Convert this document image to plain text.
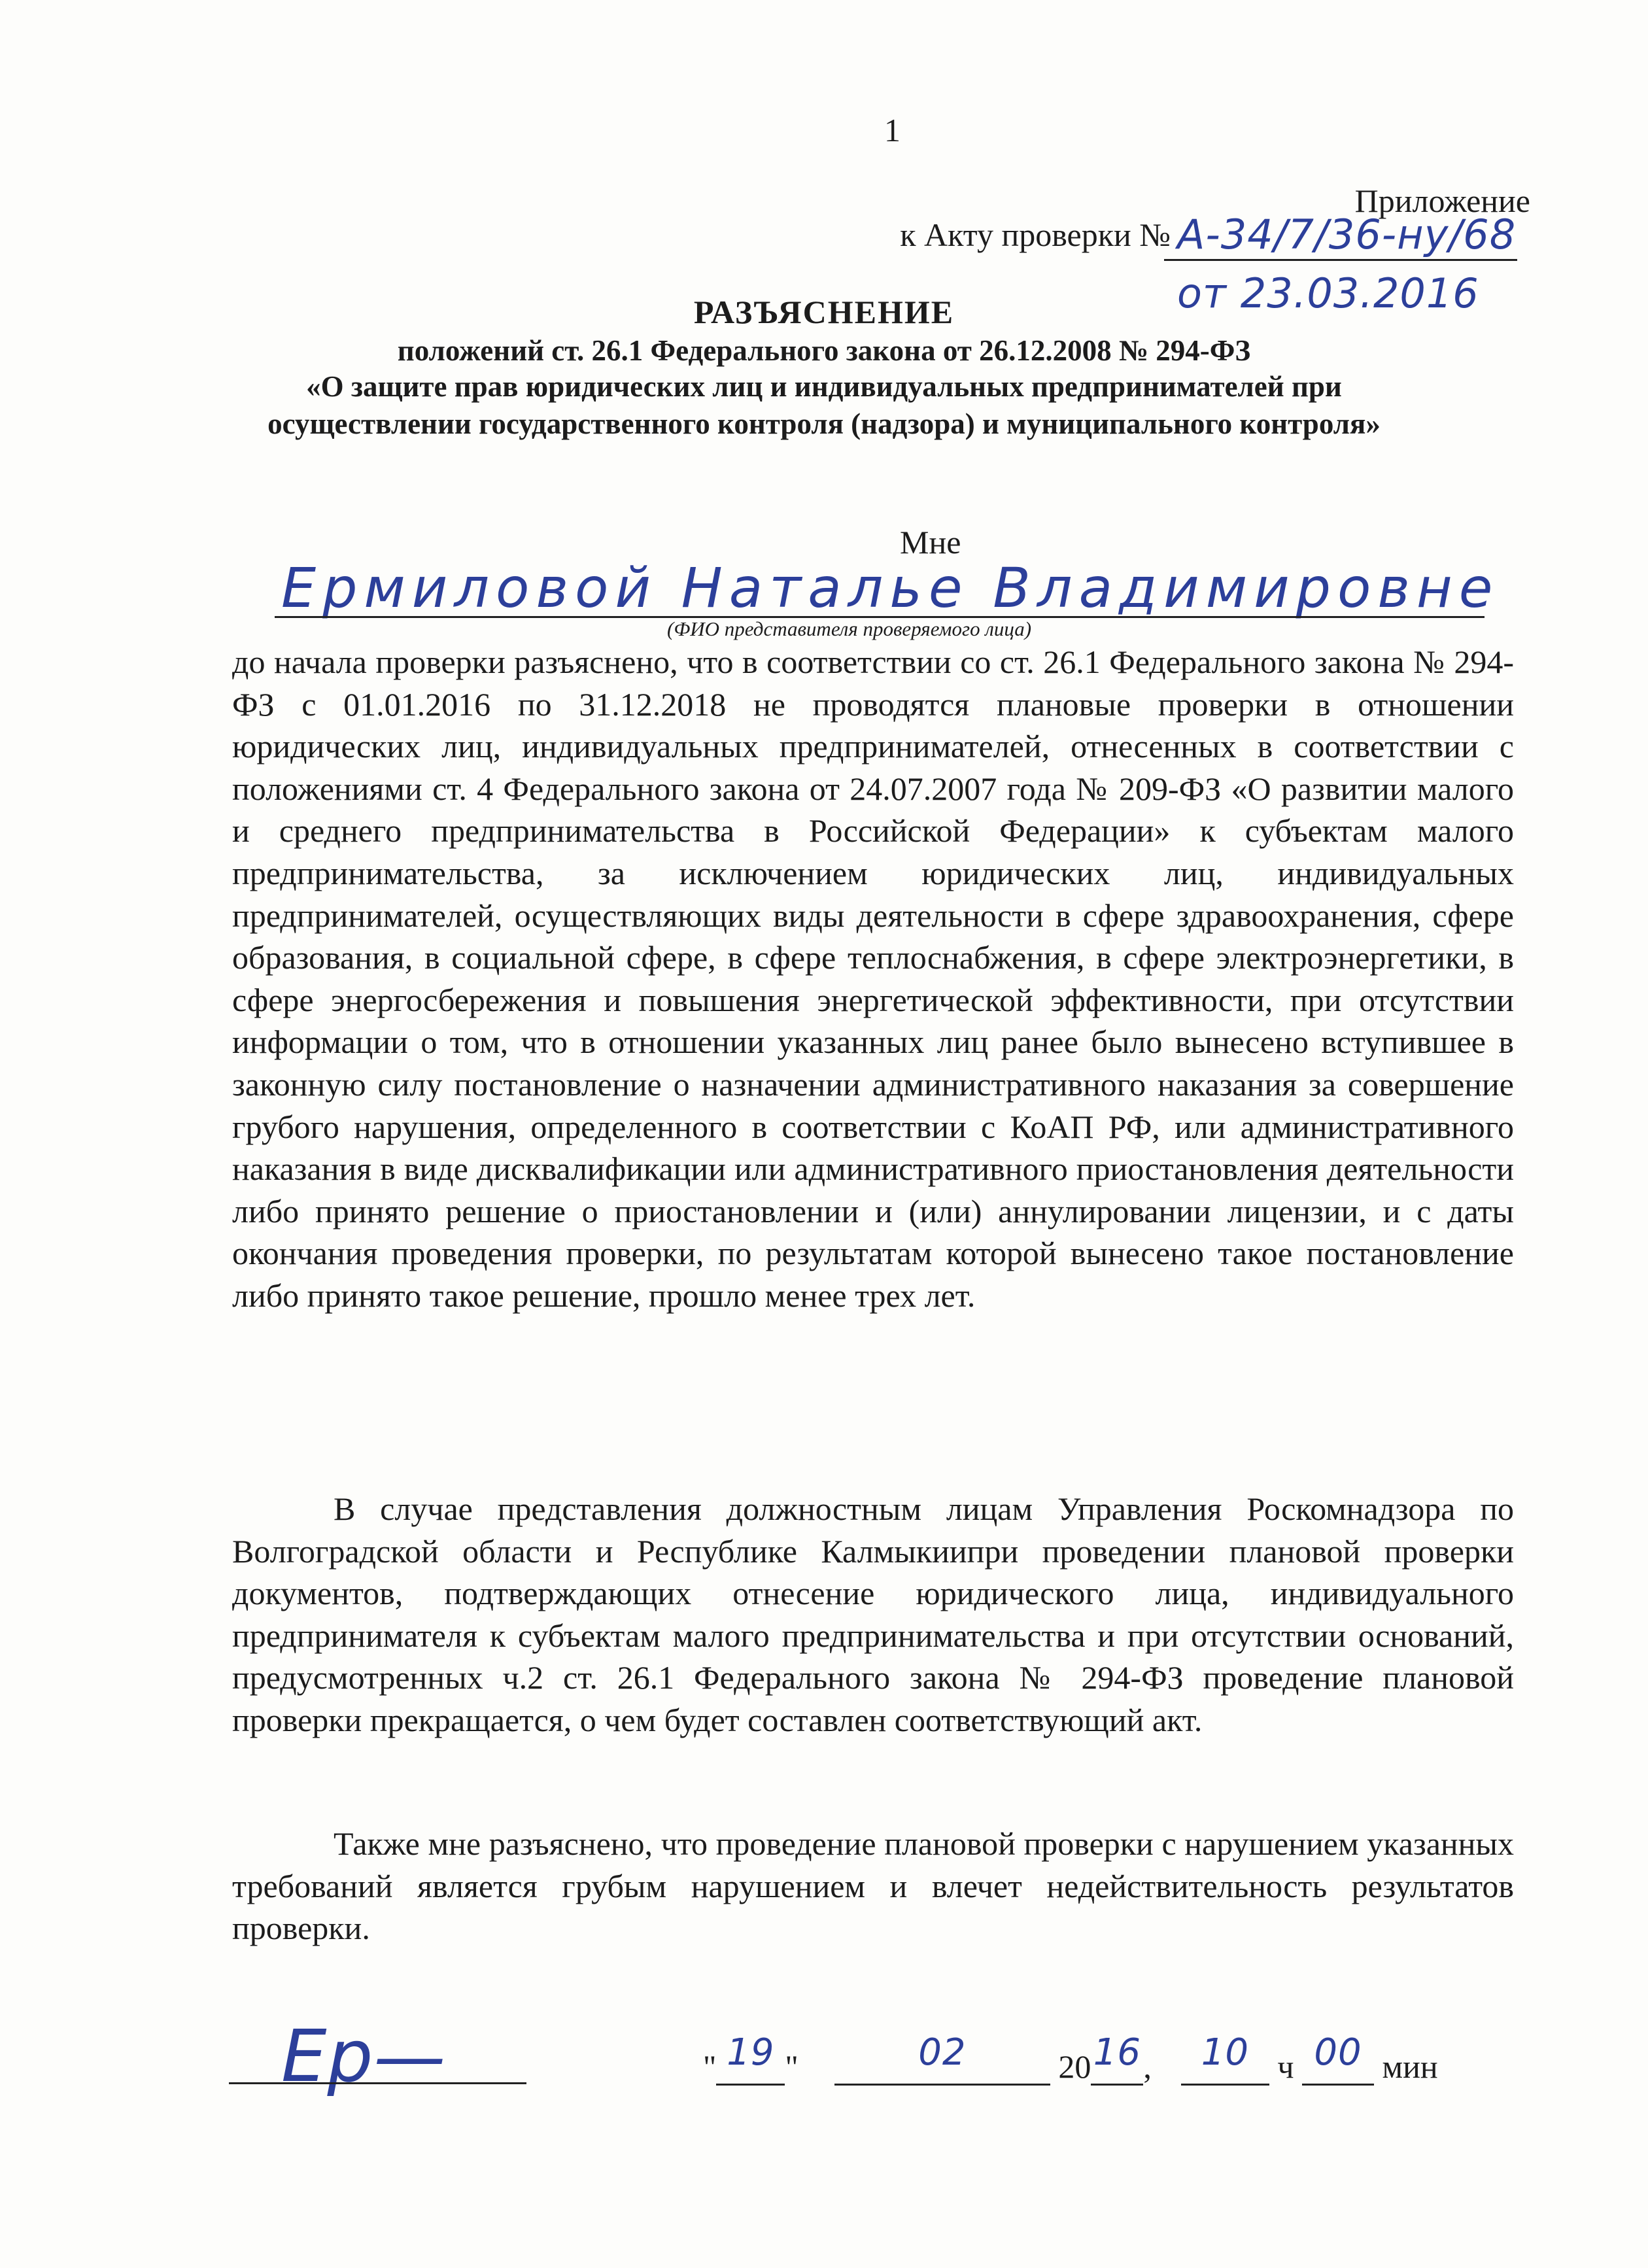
1
Приложение
к Акту проверки № А-34/7/36-ну/68
от 23.03.2016
РАЗЪЯСНЕНИЕ
положений ст. 26.1 Федерального закона от 26.12.2008 № 294-ФЗ
«О защите прав юридических лиц и индивидуальных предпринимателей при
осуществлении государственного контроля (надзора) и муниципального контроля»
Мне
Ермиловой Наталье Владимировне
(ФИО представителя проверяемого лица)
до начала проверки разъяснено, что в соответствии со ст. 26.1 Федерального закона № 294-ФЗ с 01.01.2016 по 31.12.2018 не проводятся плановые проверки в отношении юридических лиц, индивидуальных предпринимателей, отнесенных в соответствии с положениями ст. 4 Федерального закона от 24.07.2007 года № 209-ФЗ «О развитии малого и среднего предпринимательства в Российской Федерации» к субъектам малого предпринимательства, за исключением юридических лиц, индивидуальных предпринимателей, осуществляющих виды деятельности в сфере здравоохранения, сфере образования, в социальной сфере, в сфере теплоснабжения, в сфере электроэнергетики, в сфере энергосбережения и повышения энергетической эффективности, при отсутствии информации о том, что в отношении указанных лиц ранее было вынесено вступившее в законную силу постановление о назначении административного наказания за совершение грубого нарушения, определенного в соответствии с КоАП РФ, или административного наказания в виде дисквалификации или административного приостановления деятельности либо принято решение о приостановлении и (или) аннулировании лицензии, и с даты окончания проведения проверки, по результатам которой вынесено такое постановление либо принято такое решение, прошло менее трех лет.
В случае представления должностным лицам Управления Роскомнадзора по Волгоградской области и Республике Калмыкиипри проведении плановой проверки документов, подтверждающих отнесение юридического лица, индивидуального предпринимателя к субъектам малого предпринимательства и при отсутствии оснований, предусмотренных ч.2 ст. 26.1 Федерального закона № 294-ФЗ проведение плановой проверки прекращается, о чем будет составлен соответствующий акт.
Также мне разъяснено, что проведение плановой проверки с нарушением указанных требований является грубым нарушением и влечет недействительность результатов проверки.
Ер—	" 19 "	02	2016, 10 ч 00 мин
